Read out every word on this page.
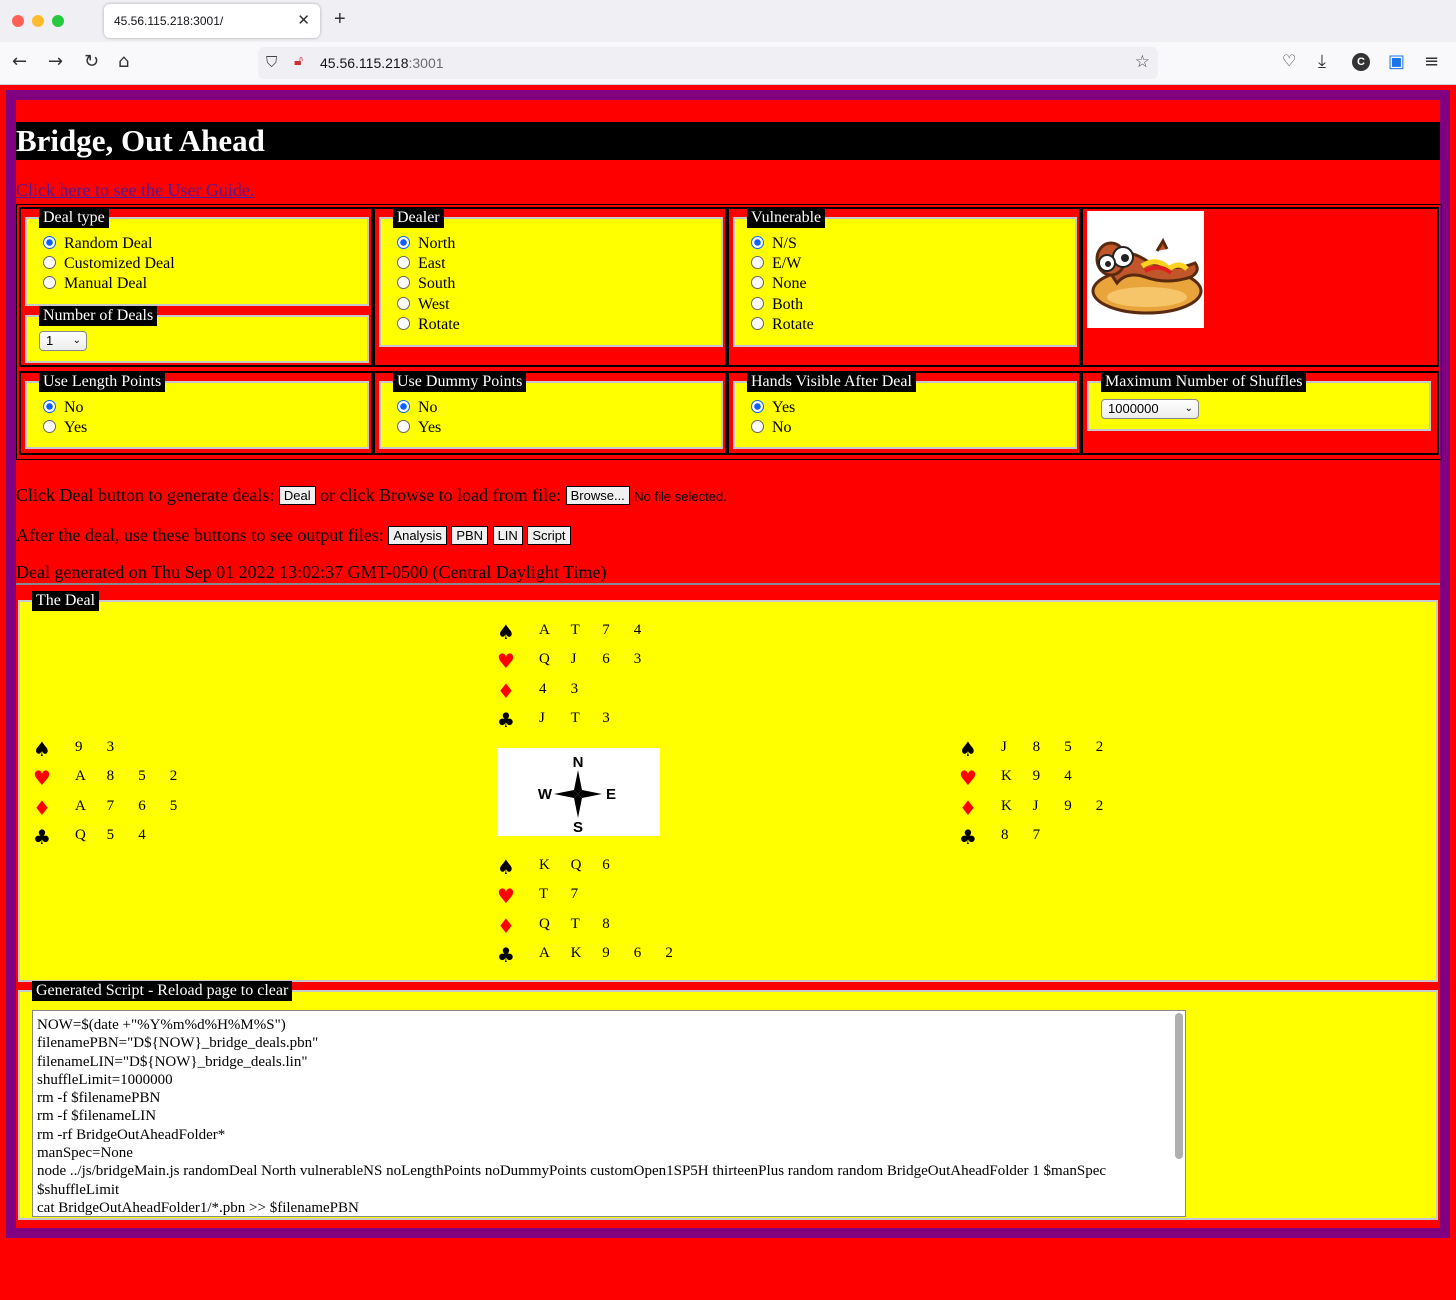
45.56.115.218:3001/	✕ +
← → ↻ ⌂	⛉ 🔓︎ 45.56.115.218:3001	☆	♡ ⤓	C ▣ ≡
Bridge, Out Ahead
Click here to see the User Guide.
Deal type
Random Deal
Customized Deal
Manual Deal
Number of Deals
1 ⌄
Dealer
North
East
South
West
Rotate
Vulnerable
N/S
E/W
None
Both
Rotate
Use Length Points
No
Yes
Use Dummy Points
No
Yes
Hands Visible After Deal
Yes
No
Maximum Number of Shuffles
1000000	⌄
Click Deal button to generate deals: Deal or click Browse to load from file: Browse... No file selected.
After the deal, use these buttons to see output files: Analysis PBN LIN Script
Deal generated on Thu Sep 01 2022 13:02:37 GMT-0500 (Central Daylight Time)
The Deal
♠ A T 7 4
♥ Q J 6 3
♦ 4 3
♣ J T 3
♠ 9 3
♥ A 8 5 2
♦ A 7 6 5
♣ Q 5 4
♠ J 8 5 2
♥ K 9 4
♦ K J 9 2
♣ 8 7
♠ K Q 6
♥ T 7
♦ Q T 8
♣ A K 9 6 2
N
S
W	E
Generated Script - Reload page to clear
NOW=$(date +"%Y%m%d%H%M%S")
filenamePBN="D${NOW}_bridge_deals.pbn"
filenameLIN="D${NOW}_bridge_deals.lin"
shuffleLimit=1000000
rm -f $filenamePBN
rm -f $filenameLIN
rm -rf BridgeOutAheadFolder*
manSpec=None
node ../js/bridgeMain.js randomDeal North vulnerableNS noLengthPoints noDummyPoints customOpen1SP5H thirteenPlus random random BridgeOutAheadFolder 1 $manSpec $shuffleLimit
cat BridgeOutAheadFolder1/*.pbn >> $filenamePBN
